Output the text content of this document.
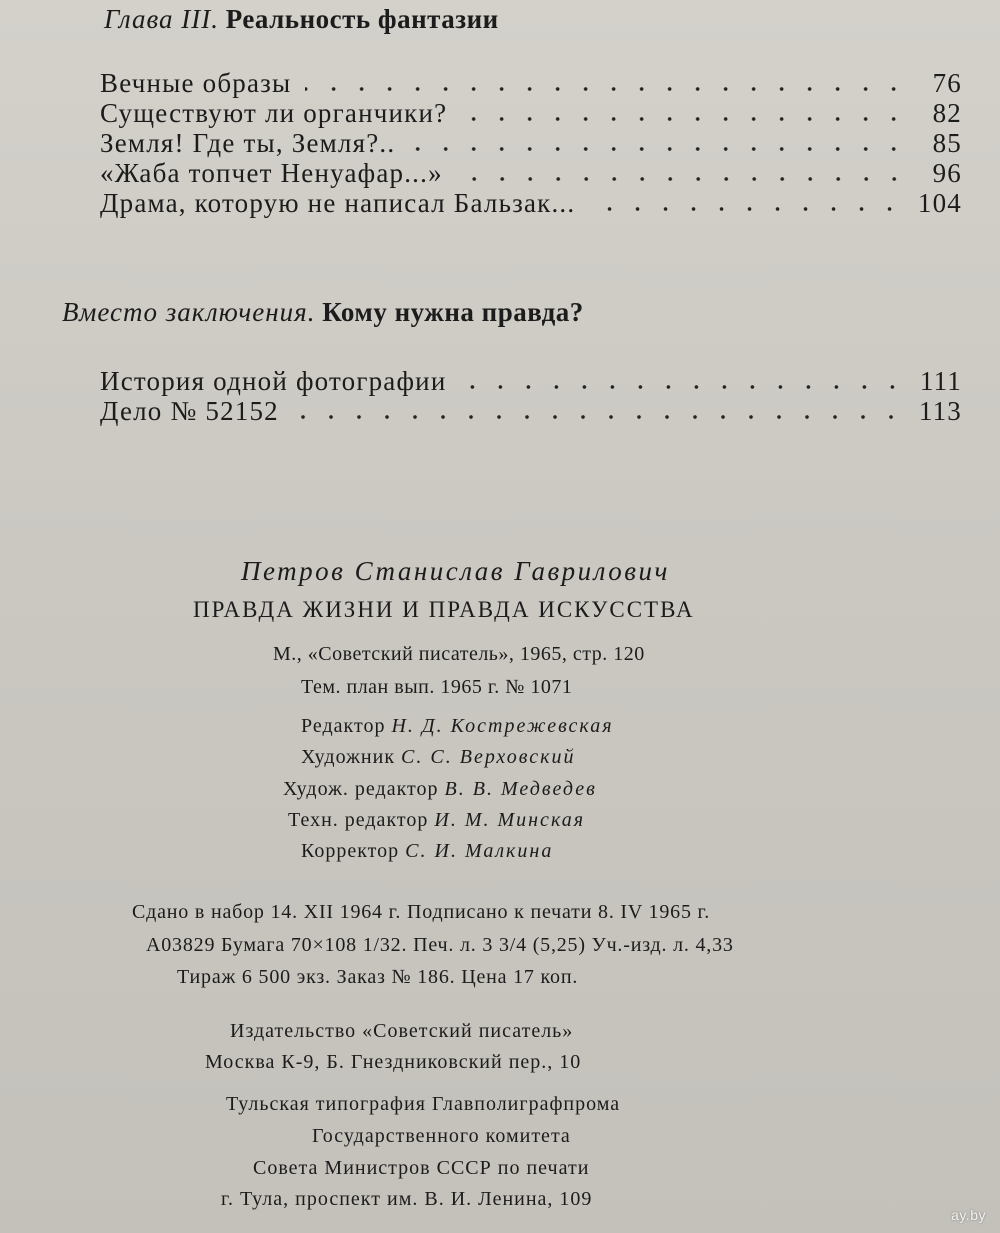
Глава III. Реальность фантазии
Вечные образы	76
Существуют ли органчики?	82
Земля! Где ты, Земля?..	85
«Жаба топчет Ненуафар...»	96
Драма, которую не написал Бальзак...	104
Вместо заключения. Кому нужна правда?
История одной фотографии	111
Дело № 52152	113
Петров Станислав Гаврилович
ПРАВДА ЖИЗНИ И ПРАВДА ИСКУССТВА
М., «Советский писатель», 1965, стр. 120
Тем. план вып. 1965 г. № 1071
Редактор Н. Д. Кострежевская
Художник С. С. Верховский
Худож. редактор В. В. Медведев
Техн. редактор И. М. Минская
Корректор С. И. Малкина
Сдано в набор 14. XII 1964 г. Подписано к печати 8. IV 1965 г.
А03829 Бумага 70×108 1/32. Печ. л. 3 3/4 (5,25) Уч.-изд. л. 4,33
Тираж 6 500 экз. Заказ № 186. Цена 17 коп.
Издательство «Советский писатель»
Москва К-9, Б. Гнездниковский пер., 10
Тульская типография Главполиграфпрома
Государственного комитета
Совета Министров СССР по печати
г. Тула, проспект им. В. И. Ленина, 109
ay.by
